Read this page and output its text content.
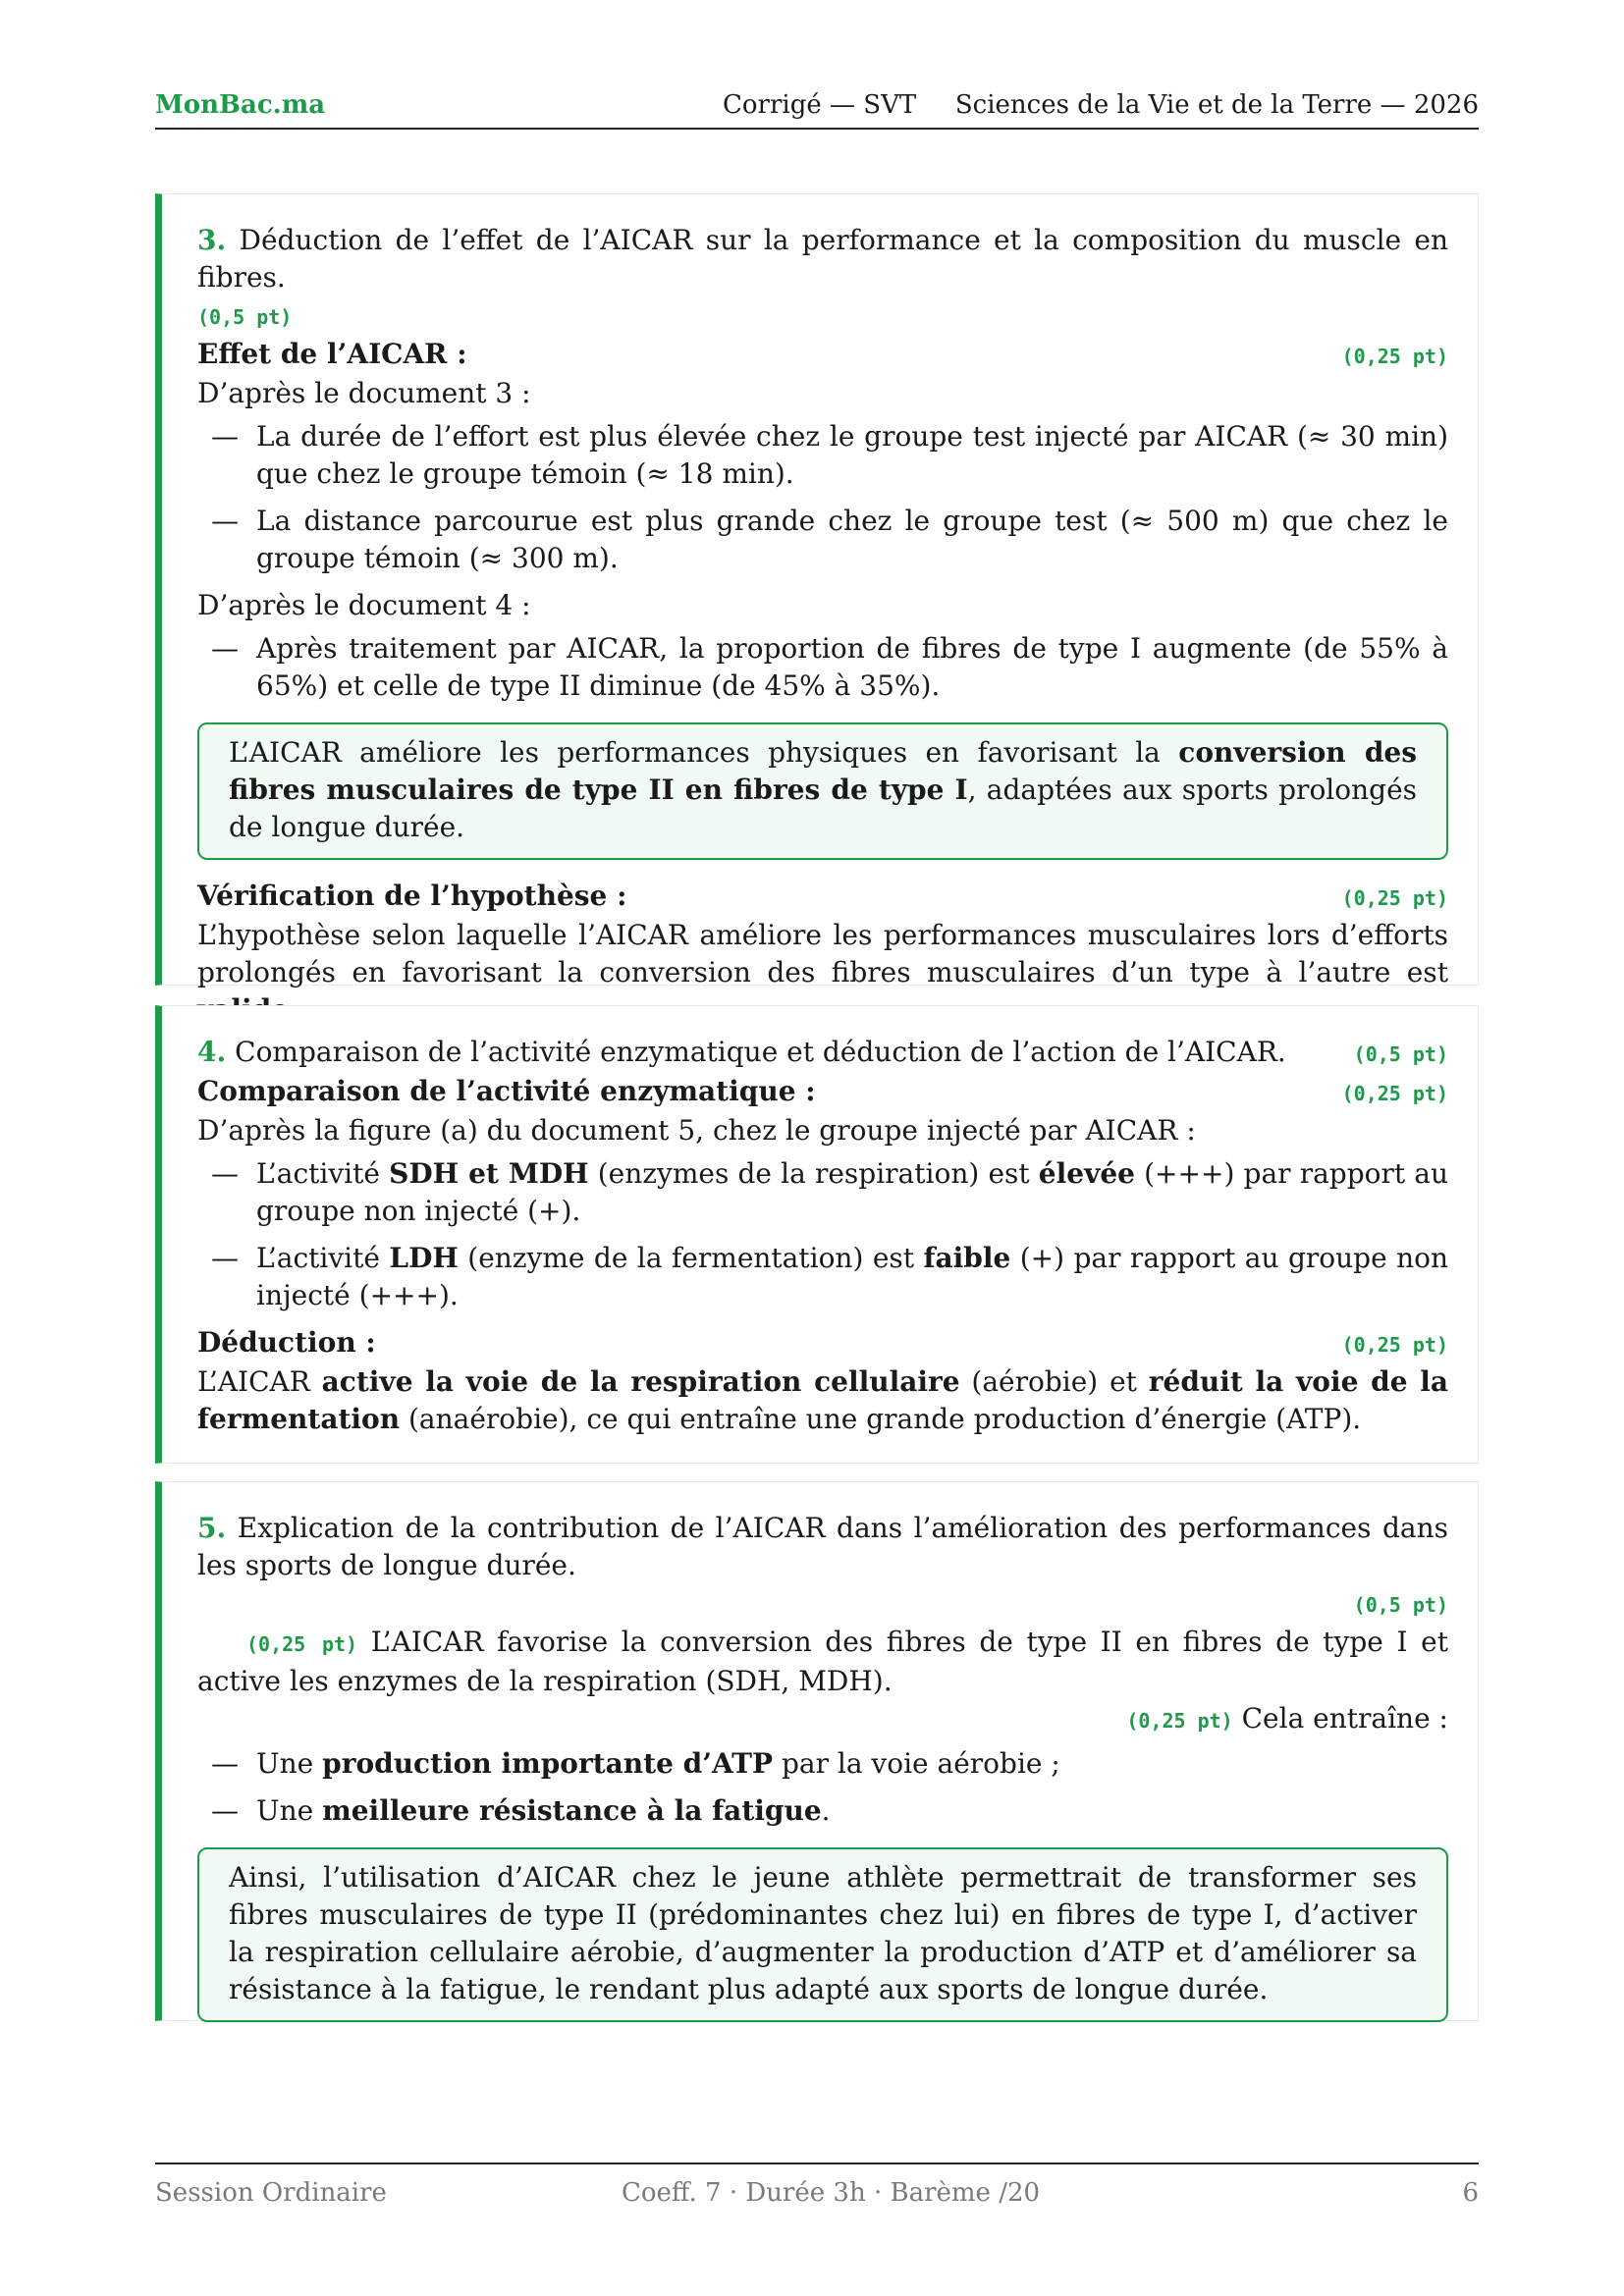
MonBac.ma	Corrigé — SVT Sciences de la Vie et de la Terre — 2026

3. Déduction de l’effet de l’AICAR sur la performance et la composition du muscle en fibres.

(0,5 pt)

Effet de l’AICAR :	(0,25 pt)

D’après le document 3 :

— La durée de l’effort est plus élevée chez le groupe test injecté par AICAR (≈ 30 min) que chez le groupe témoin (≈ 18 min).
— La distance parcourue est plus grande chez le groupe test (≈ 500 m) que chez le groupe témoin (≈ 300 m).

D’après le document 4 :

— Après traitement par AICAR, la proportion de fibres de type I augmente (de 55% à 65%) et celle de type II diminue (de 45% à 35%).
L’AICAR améliore les performances physiques en favorisant la conversion des fibres musculaires de type II en fibres de type I, adaptées aux sports prolongés de longue durée.
Vérification de l’hypothèse :	(0,25 pt)

L’hypothèse selon laquelle l’AICAR améliore les performances musculaires lors d’efforts prolongés en favorisant la conversion des fibres musculaires d’un type à l’autre est

4. Comparaison de l’activité enzymatique et déduction de l’action de l’AICAR.	(0,5 pt)
Comparaison de l’activité enzymatique :	(0,25 pt)

D’après la figure (a) du document 5, chez le groupe injecté par AICAR :

— L’activité SDH et MDH (enzymes de la respiration) est élevée (+++) par rapport au groupe non injecté (+).
— L’activité LDH (enzyme de la fermentation) est faible (+) par rapport au groupe non injecté (+++).
Déduction :	(0,25 pt)

L’AICAR active la voie de la respiration cellulaire (aérobie) et réduit la voie de la fermentation (anaérobie), ce qui entraîne une grande production d’énergie (ATP).

5. Explication de la contribution de l’AICAR dans l’amélioration des performances dans les sports de longue durée.

(0,5 pt)

(0,25 pt) L’AICAR favorise la conversion des fibres de type II en fibres de type I et active les enzymes de la respiration (SDH, MDH).

(0,25 pt) Cela entraîne :

— Une production importante d’ATP par la voie aérobie ;
— Une meilleure résistance à la fatigue.
Ainsi, l’utilisation d’AICAR chez le jeune athlète permettrait de transformer ses fibres musculaires de type II (prédominantes chez lui) en fibres de type I, d’activer la respiration cellulaire aérobie, d’augmenter la production d’ATP et d’améliorer sa résistance à la fatigue, le rendant plus adapté aux sports de longue durée.
Session Ordinaire	Coeff. 7 · Durée 3h · Barème /20	6
